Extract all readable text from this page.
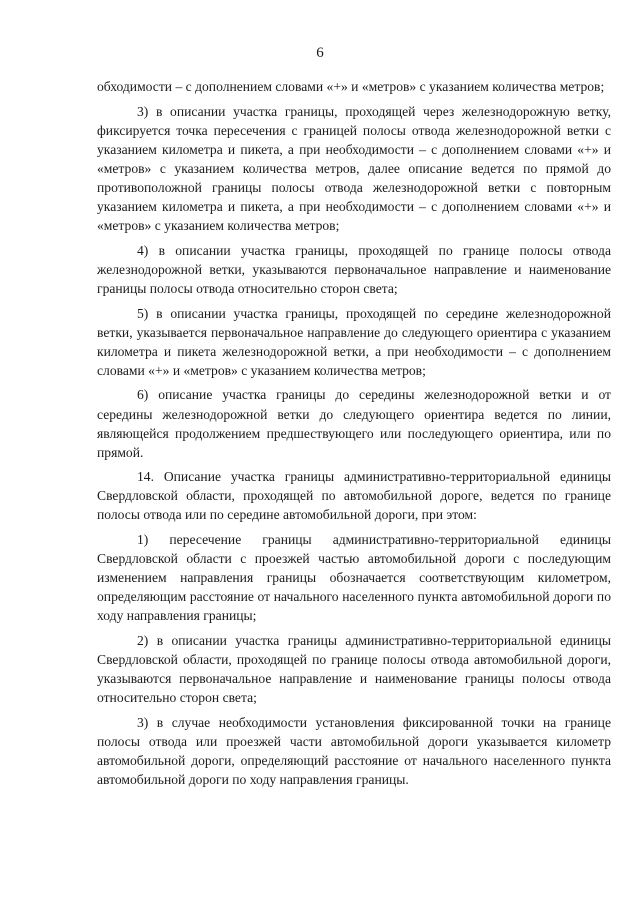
6

обходимости – с дополнением словами «+» и «метров» с указанием количества метров;

3) в описании участка границы, проходящей через железнодорожную ветку, фиксируется точка пересечения с границей полосы отвода железнодорожной ветки с указанием километра и пикета, а при необходимости – с дополнением словами «+» и «метров» с указанием количества метров, далее описание ведется по прямой до противоположной границы полосы отвода железнодорожной ветки с повторным указанием километра и пикета, а при необходимости – с дополнением словами «+» и «метров» с указанием количества метров;

4) в описании участка границы, проходящей по границе полосы отвода железнодорожной ветки, указываются первоначальное направление и наименование границы полосы отвода относительно сторон света;

5) в описании участка границы, проходящей по середине железнодорожной ветки, указывается первоначальное направление до следующего ориентира с указанием километра и пикета железнодорожной ветки, а при необходимости – с дополнением словами «+» и «метров» с указанием количества метров;

6) описание участка границы до середины железнодорожной ветки и от середины железнодорожной ветки до следующего ориентира ведется по линии, являющейся продолжением предшествующего или последующего ориентира, или по прямой.

14. Описание участка границы административно-территориальной единицы Свердловской области, проходящей по автомобильной дороге, ведется по границе полосы отвода или по середине автомобильной дороги, при этом:

1) пересечение границы административно-территориальной единицы Свердловской области с проезжей частью автомобильной дороги с последующим изменением направления границы обозначается соответствующим километром, определяющим расстояние от начального населенного пункта автомобильной дороги по ходу направления границы;

2) в описании участка границы административно-территориальной единицы Свердловской области, проходящей по границе полосы отвода автомобильной дороги, указываются первоначальное направление и наименование границы полосы отвода относительно сторон света;

3) в случае необходимости установления фиксированной точки на границе полосы отвода или проезжей части автомобильной дороги указывается километр автомобильной дороги, определяющий расстояние от начального населенного пункта автомобильной дороги по ходу направления границы.
